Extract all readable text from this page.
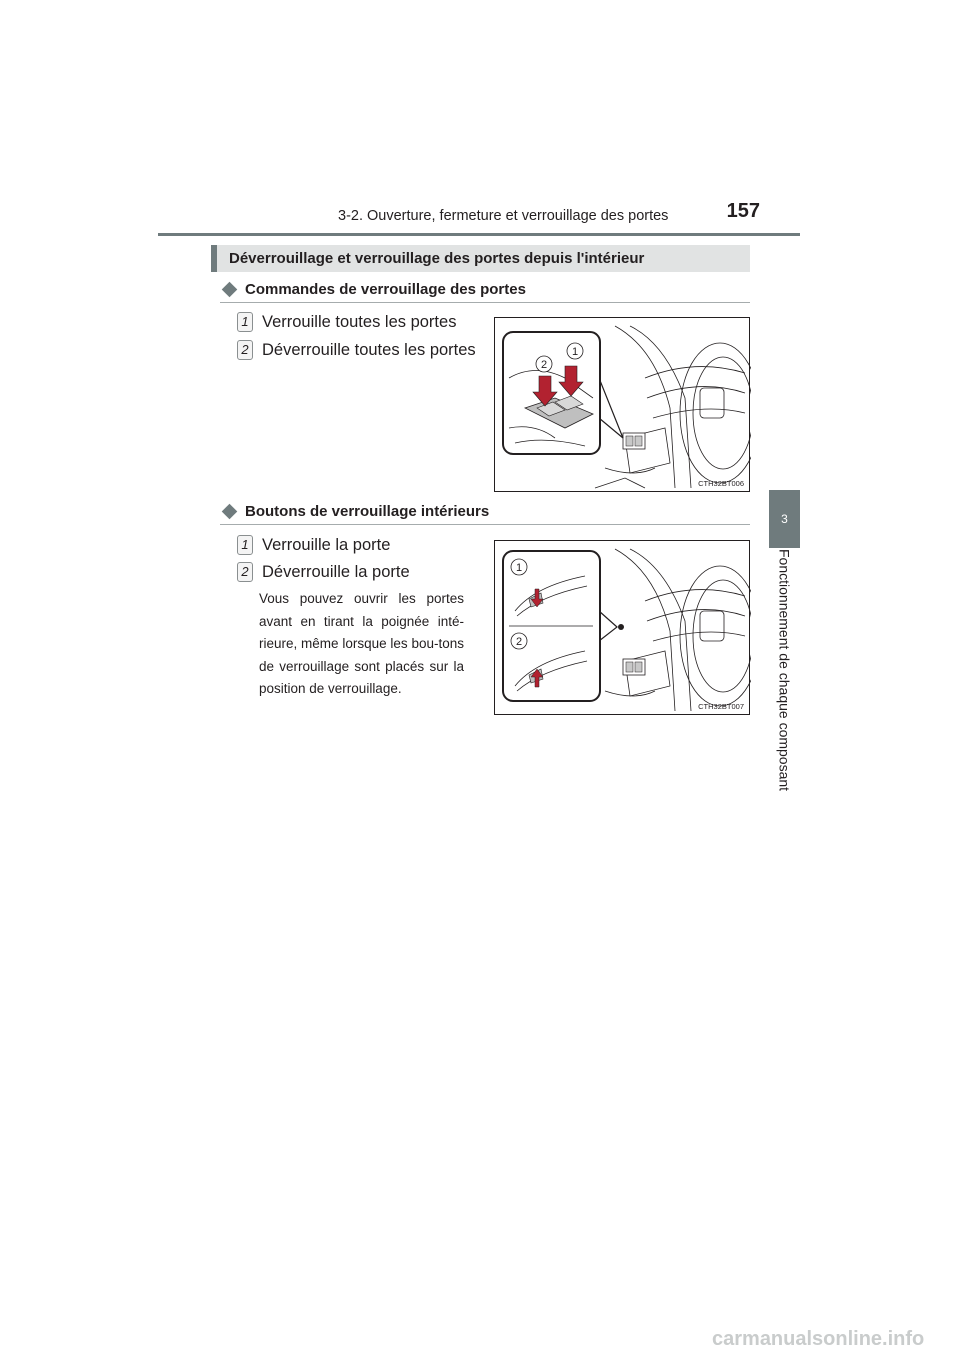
3-2. Ouverture, fermeture et verrouillage des portes	157
3
Fonctionnement de chaque composant
Déverrouillage et verrouillage des portes depuis l'intérieur
Commandes de verrouillage des portes
1 Verrouille toutes les portes
2 Déverrouille toutes les portes
2
1
CTH32BT006
Boutons de verrouillage intérieurs
1 Verrouille la porte
2 Déverrouille la porte
Vous pouvez ouvrir les portes avant en tirant la poignée inté-rieure, même lorsque les bou-tons de verrouillage sont placés sur la position de verrouillage.
1
2
CTH32BT007
carmanualsonline.info
